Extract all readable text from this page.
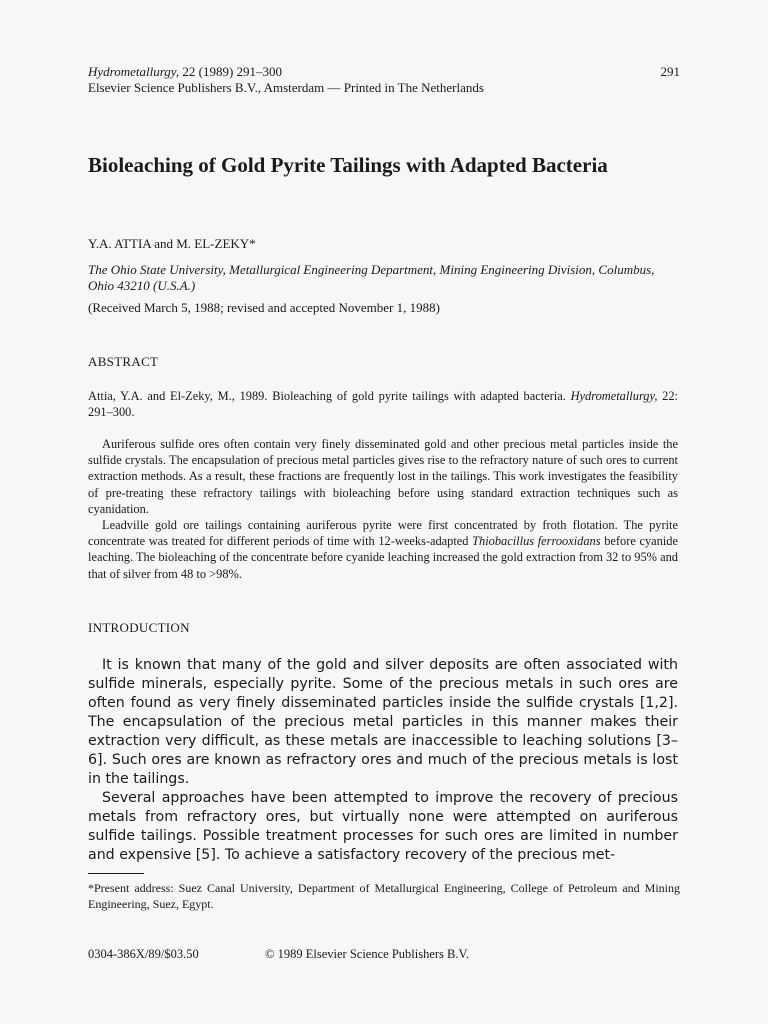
Hydrometallurgy, 22 (1989) 291–300
Elsevier Science Publishers B.V., Amsterdam — Printed in The Netherlands
291
Bioleaching of Gold Pyrite Tailings with Adapted Bacteria
Y.A. ATTIA and M. EL-ZEKY*
The Ohio State University, Metallurgical Engineering Department, Mining Engineering Division, Columbus, Ohio 43210 (U.S.A.)
(Received March 5, 1988; revised and accepted November 1, 1988)
ABSTRACT

Attia, Y.A. and El-Zeky, M., 1989. Bioleaching of gold pyrite tailings with adapted bacteria. Hydrometallurgy, 22: 291–300.

Auriferous sulfide ores often contain very finely disseminated gold and other precious metal particles inside the sulfide crystals. The encapsulation of precious metal particles gives rise to the refractory nature of such ores to current extraction methods. As a result, these fractions are frequently lost in the tailings. This work investigates the feasibility of pre-treating these refractory tailings with bioleaching before using standard extraction techniques such as cyanidation.

Leadville gold ore tailings containing auriferous pyrite were first concentrated by froth flotation. The pyrite concentrate was treated for different periods of time with 12-weeks-adapted Thiobacillus ferrooxidans before cyanide leaching. The bioleaching of the concentrate before cyanide leaching increased the gold extraction from 32 to 95% and that of silver from 48 to >98%.

INTRODUCTION

It is known that many of the gold and silver deposits are often associated with sulfide minerals, especially pyrite. Some of the precious metals in such ores are often found as very finely disseminated particles inside the sulfide crystals [1,2]. The encapsulation of the precious metal particles in this manner makes their extraction very difficult, as these metals are inaccessible to leaching solutions [3–6]. Such ores are known as refractory ores and much of the precious metals is lost in the tailings.

Several approaches have been attempted to improve the recovery of precious metals from refractory ores, but virtually none were attempted on auriferous sulfide tailings. Possible treatment processes for such ores are limited in number and expensive [5]. To achieve a satisfactory recovery of the precious met-

*Present address: Suez Canal University, Department of Metallurgical Engineering, College of Petroleum and Mining Engineering, Suez, Egypt.

0304-386X/89/$03.50	© 1989 Elsevier Science Publishers B.V.
